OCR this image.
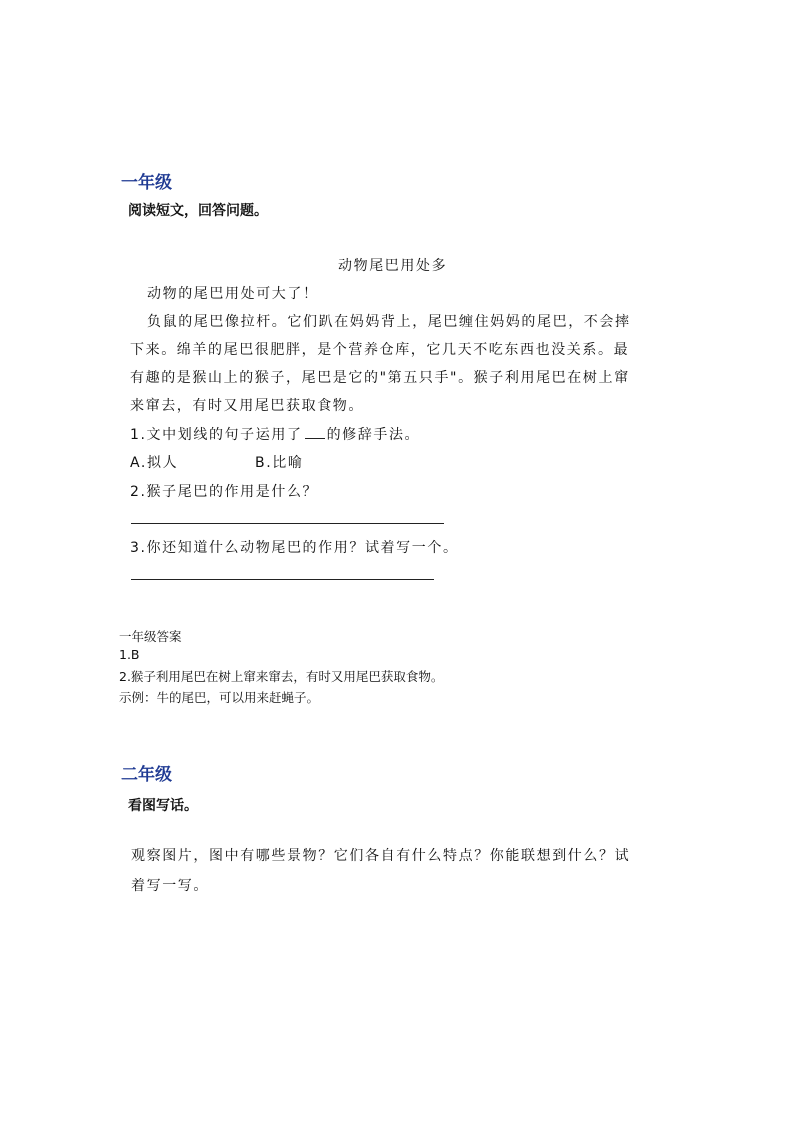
一年级
阅读短文，回答问题。
动物尾巴用处多
动物的尾巴用处可大了！
负鼠的尾巴像拉杆。它们趴在妈妈背上，尾巴缠住妈妈的尾巴，不会摔
下来。绵羊的尾巴很肥胖，是个营养仓库，它几天不吃东西也没关系。最
有趣的是猴山上的猴子，尾巴是它的"第五只手"。猴子利用尾巴在树上窜
来窜去，有时又用尾巴获取食物。
1.文中划线的句子运用了 的修辞手法。
A.拟人	B.比喻
2.猴子尾巴的作用是什么？
3.你还知道什么动物尾巴的作用？试着写一个。
一年级答案
1.B
2.猴子利用尾巴在树上窜来窜去，有时又用尾巴获取食物。
示例：牛的尾巴，可以用来赶蝇子。
二年级
看图写话。
观察图片，图中有哪些景物？它们各自有什么特点？你能联想到什么？试
着写一写。
